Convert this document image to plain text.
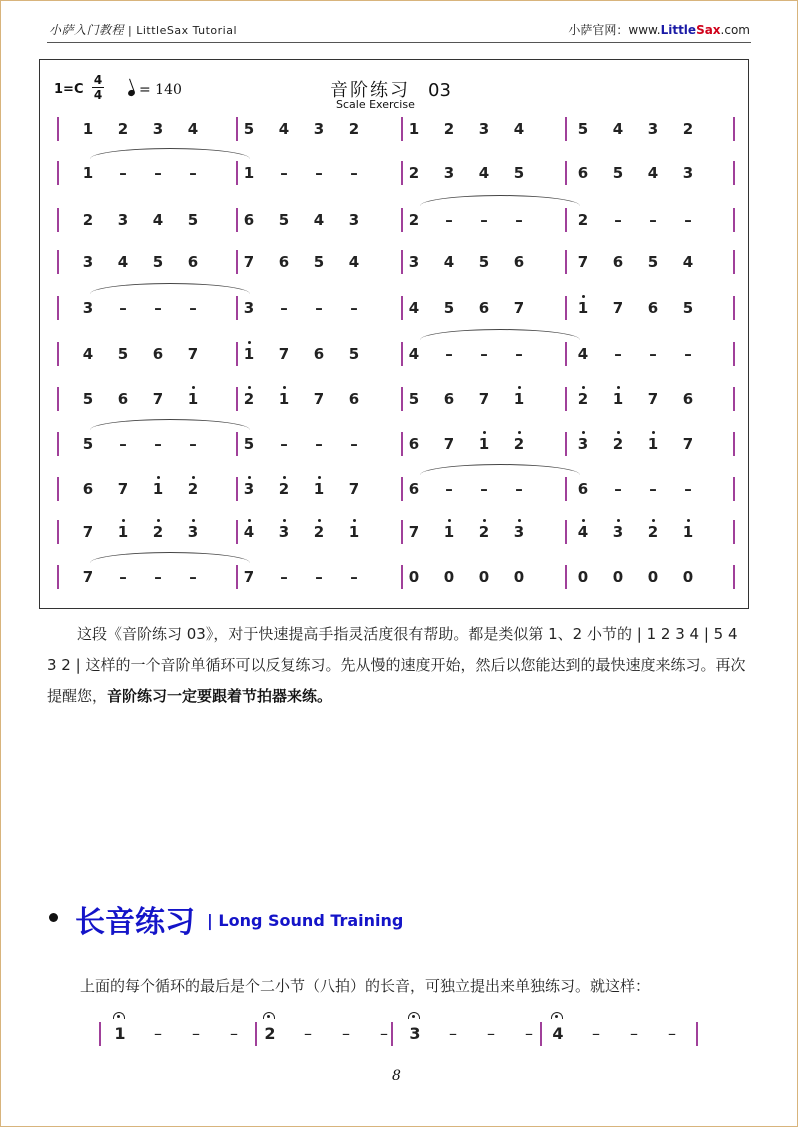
小萨入门教程 | LittleSax Tutorial	小萨官网：www.LittleSax.com
1=C
4
4	= 140	音阶练习 03
Scale Exercise
1	2	3	4	5	4	3	2	1	2	3	4	5	4	3	2
1	–	–	–	1	–	–	–	2	3	4	5	6	5	4	3
2	3	4	5	6	5	4	3	2	–	–	–	2	–	–	–
3	4	5	6	7	6	5	4	3	4	5	6	7	6	5	4
3	–	–	–	3	–	–	–	4	5	6	7	1	7	6	5
4	5	6	7	1	7	6	5	4	–	–	–	4	–	–	–
5	6	7	1	2	1	7	6	5	6	7	1	2	1	7	6
5	–	–	–	5	–	–	–	6	7	1	2	3	2	1	7
6	7	1	2	3	2	1	7	6	–	–	–	6	–	–	–
7	1	2	3	4	3	2	1	7	1	2	3	4	3	2	1
7	–	–	–	7	–	–	–	0	0	0	0	0	0	0	0
这段《音阶练习 03》，对于快速提高手指灵活度很有帮助。都是类似第 1、2 小节的 | 1 2 3 4 | 5 4 3 2 | 这样的一个音阶单循环可以反复练习。先从慢的速度开始，然后以您能达到的最快速度来练习。再次提醒您，音阶练习一定要跟着节拍器来练。
长音练习 | Long Sound Training
上面的每个循环的最后是个二小节（八拍）的长音，可独立提出来单独练习。就这样：
1	–	–	–	2	–	–	–	3	–	–	–	4	–	–	–
8
